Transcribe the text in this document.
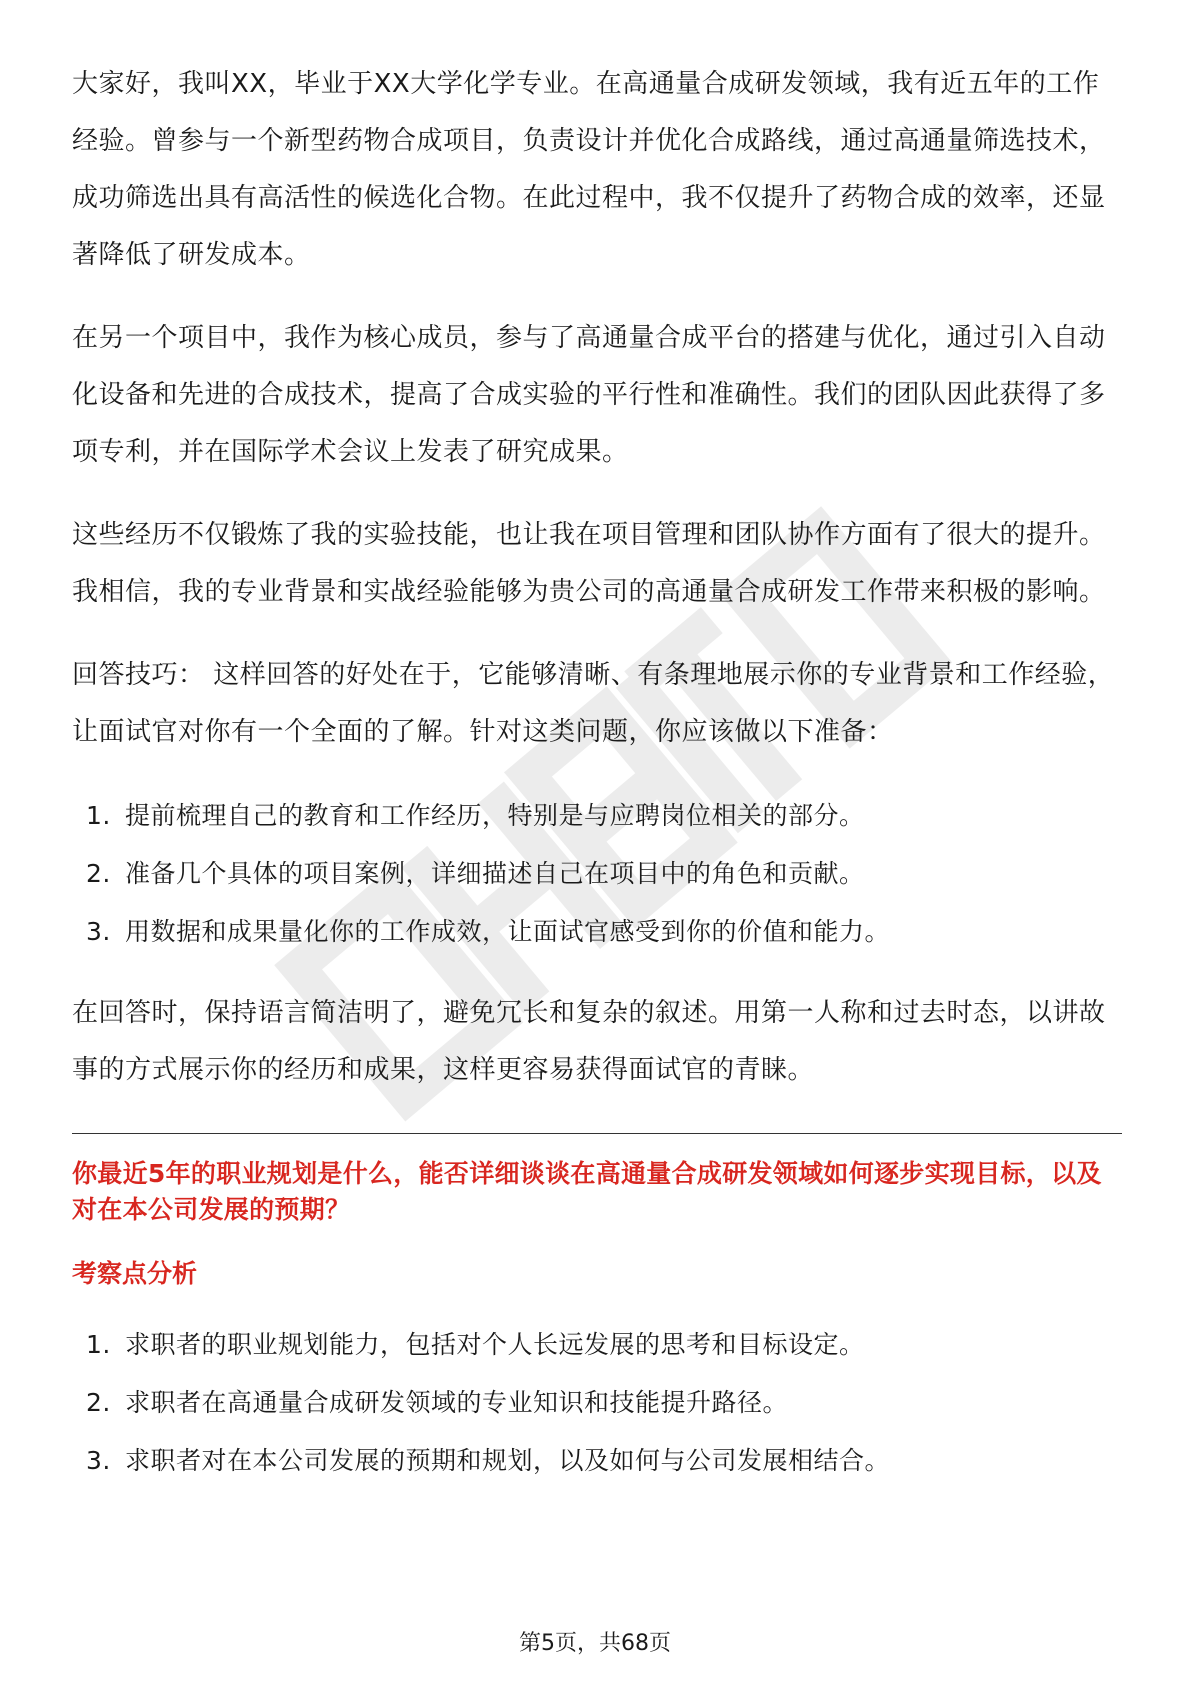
大家好，我叫XX，毕业于XX大学化学专业。在高通量合成研发领域，我有近五年的工作经验。曾参与一个新型药物合成项目，负责设计并优化合成路线，通过高通量筛选技术，成功筛选出具有高活性的候选化合物。在此过程中，我不仅提升了药物合成的效率，还显著降低了研发成本。

在另一个项目中，我作为核心成员，参与了高通量合成平台的搭建与优化，通过引入自动化设备和先进的合成技术，提高了合成实验的平行性和准确性。我们的团队因此获得了多项专利，并在国际学术会议上发表了研究成果。

这些经历不仅锻炼了我的实验技能，也让我在项目管理和团队协作方面有了很大的提升。我相信，我的专业背景和实战经验能够为贵公司的高通量合成研发工作带来积极的影响。

回答技巧： 这样回答的好处在于，它能够清晰、有条理地展示你的专业背景和工作经验，让面试官对你有一个全面的了解。针对这类问题，你应该做以下准备：

1. 提前梳理自己的教育和工作经历，特别是与应聘岗位相关的部分。
2. 准备几个具体的项目案例，详细描述自己在项目中的角色和贡献。
3. 用数据和成果量化你的工作成效，让面试官感受到你的价值和能力。

在回答时，保持语言简洁明了，避免冗长和复杂的叙述。用第一人称和过去时态，以讲故事的方式展示你的经历和成果，这样更容易获得面试官的青睐。

你最近5年的职业规划是什么，能否详细谈谈在高通量合成研发领域如何逐步实现目标，以及对在本公司发展的预期？
考察点分析
1. 求职者的职业规划能力，包括对个人长远发展的思考和目标设定。
2. 求职者在高通量合成研发领域的专业知识和技能提升路径。
3. 求职者对在本公司发展的预期和规划，以及如何与公司发展相结合。
第5页，共68页
